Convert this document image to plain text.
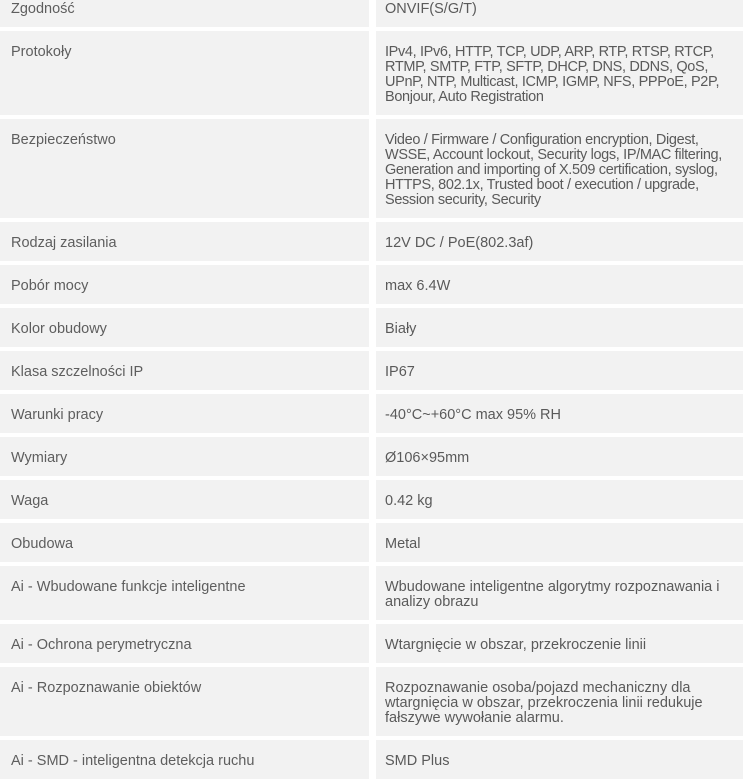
Zgodność	ONVIF(S/G/T)
Protokoły	IPv4, IPv6, HTTP, TCP, UDP, ARP, RTP, RTSP, RTCP, RTMP, SMTP, FTP, SFTP, DHCP, DNS, DDNS, QoS, UPnP, NTP, Multicast, ICMP, IGMP, NFS, PPPoE, P2P, Bonjour, Auto Registration
Bezpieczeństwo	Video / Firmware / Configuration encryption, Digest, WSSE, Account lockout, Security logs, IP/MAC filtering, Generation and importing of X.509 certification, syslog, HTTPS, 802.1x, Trusted boot / execution / upgrade, Session security, Security
Rodzaj zasilania	12V DC / PoE(802.3af)
Pobór mocy	max 6.4W
Kolor obudowy	Biały
Klasa szczelności IP	IP67
Warunki pracy	-40°C~+60°C max 95% RH
Wymiary	Ø106×95mm
Waga	0.42 kg
Obudowa	Metal
Ai - Wbudowane funkcje inteligentne	Wbudowane inteligentne algorytmy rozpoznawania i analizy obrazu
Ai - Ochrona perymetryczna	Wtargnięcie w obszar, przekroczenie linii
Ai - Rozpoznawanie obiektów	Rozpoznawanie osoba/pojazd mechaniczny dla wtargnięcia w obszar, przekroczenia linii redukuje fałszywe wywołanie alarmu.
Ai - SMD - inteligentna detekcja ruchu	SMD Plus
